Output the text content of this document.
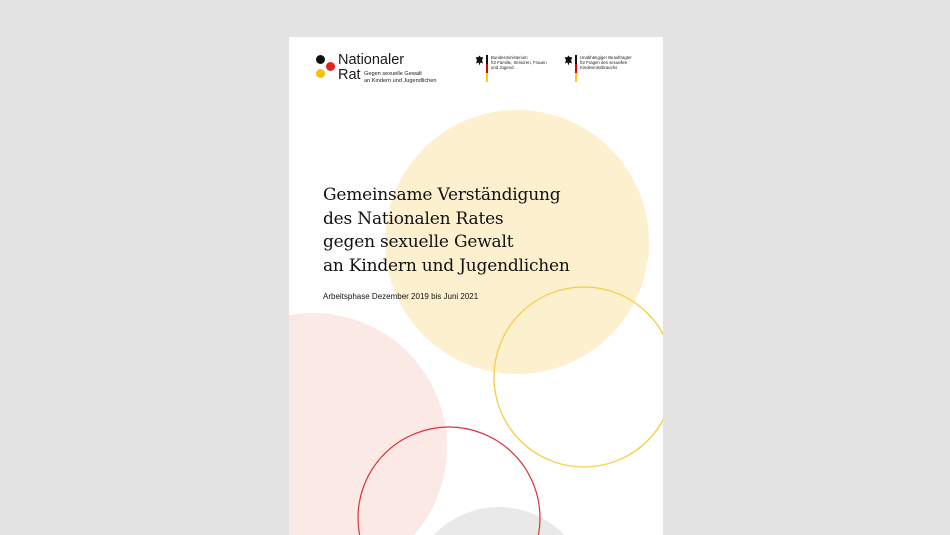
Nationaler
Rat Gegen sexuelle Gewalt
an Kindern und Jugendlichen
Bundesministerium
für Familie, Senioren, Frauen
und Jugend
Unabhängiger Beauftragter
für Fragen des sexuellen
Kindesmissbrauchs
Gemeinsame Verständigung
des Nationalen Rates
gegen sexuelle Gewalt
an Kindern und Jugendlichen
Arbeitsphase Dezember 2019 bis Juni 2021
